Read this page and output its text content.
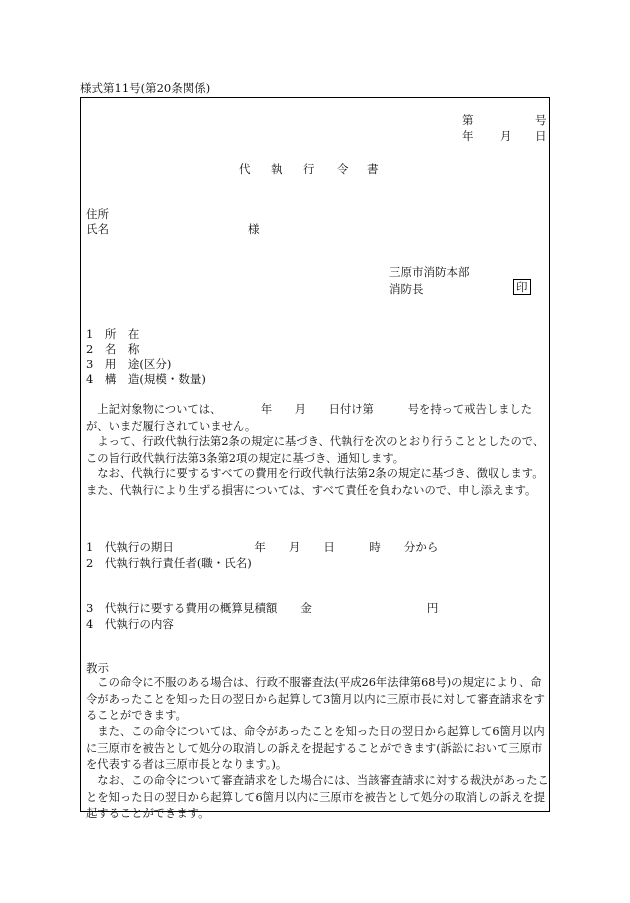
様式第11号(第20条関係)
第	号
年 月 日
代 執 行 令 書
住所
氏名	様
三原市消防本部
消防長	印
1　 所　在
2　 名　称
3　 用　途(区分)
4　 構　造(規模・数量)
上記対象物については、　　　　年　　月　　日付け第　　　号を持って戒告しましたが、いまだ履行されていません。
よって、行政代執行法第2条の規定に基づき、代執行を次のとおり行うこととしたので、この旨行政代執行法第3条第2項の規定に基づき、通知します。
なお、代執行に要するすべての費用を行政代執行法第2条の規定に基づき、徴収します。また、代執行により生ずる損害については、すべて責任を負わないので、申し添えます。
1　代執行の期日　　　　　　　年　　月　　日　　　時　　分から
2　代執行執行責任者(職・氏名)
3　代執行に要する費用の概算見積額　　金　　　　　　　　　　円
4　代執行の内容
教示
この命令に不服のある場合は、行政不服審査法(平成26年法律第68号)の規定により、命令があったことを知った日の翌日から起算して3箇月以内に三原市長に対して審査請求をすることができます。
また、この命令については、命令があったことを知った日の翌日から起算して6箇月以内に三原市を被告として処分の取消しの訴えを提起することができます(訴訟において三原市を代表する者は三原市長となります。)。
なお、この命令について審査請求をした場合には、当該審査請求に対する裁決があったことを知った日の翌日から起算して6箇月以内に三原市を被告として処分の取消しの訴えを提起することができます。
